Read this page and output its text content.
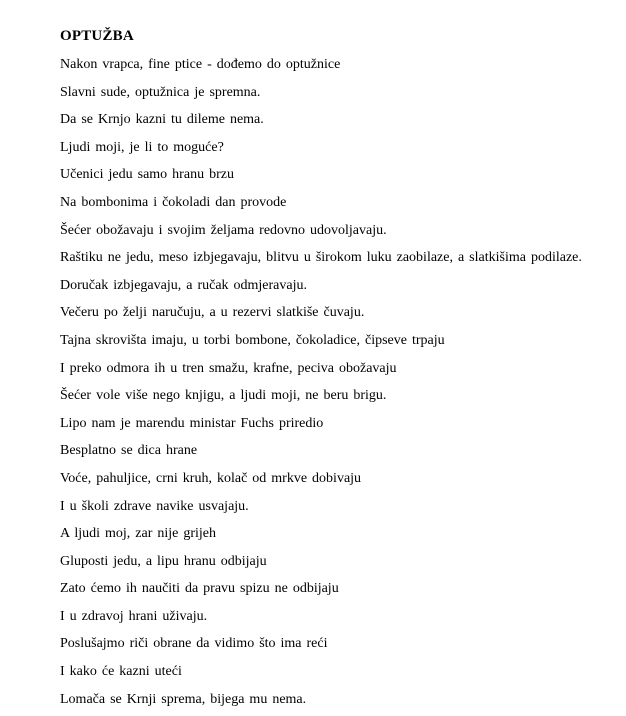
OPTUŽBA
Nakon vrapca, fine ptice - dođemo do optužnice
Slavni sude, optužnica je spremna.
Da se Krnjo kazni tu dileme nema.
Ljudi moji, je li to moguće?
Učenici jedu samo hranu brzu
Na bombonima i čokoladi dan provode
Šećer obožavaju i svojim željama redovno udovoljavaju.
Raštiku ne jedu, meso izbjegavaju, blitvu u širokom luku zaobilaze, a slatkišima podilaze.
Doručak izbjegavaju, a ručak odmjeravaju.
Večeru po želji naručuju, a u rezervi slatkiše čuvaju.
Tajna skrovišta imaju, u torbi bombone, čokoladice, čipseve trpaju
I preko odmora ih u tren smažu, krafne, peciva obožavaju
Šećer vole više nego knjigu, a ljudi moji, ne beru brigu.
Lipo nam je marendu ministar Fuchs priredio
Besplatno se dica hrane
Voće, pahuljice, crni kruh, kolač od mrkve dobivaju
I u školi zdrave navike usvajaju.
A ljudi moj, zar nije grijeh
Gluposti jedu, a lipu hranu odbijaju
Zato ćemo ih naučiti da pravu spizu ne odbijaju
I u zdravoj hrani uživaju.
Poslušajmo riči obrane da vidimo što ima reći
I kako će kazni uteći
Lomača se Krnji sprema, bijega mu nema.
